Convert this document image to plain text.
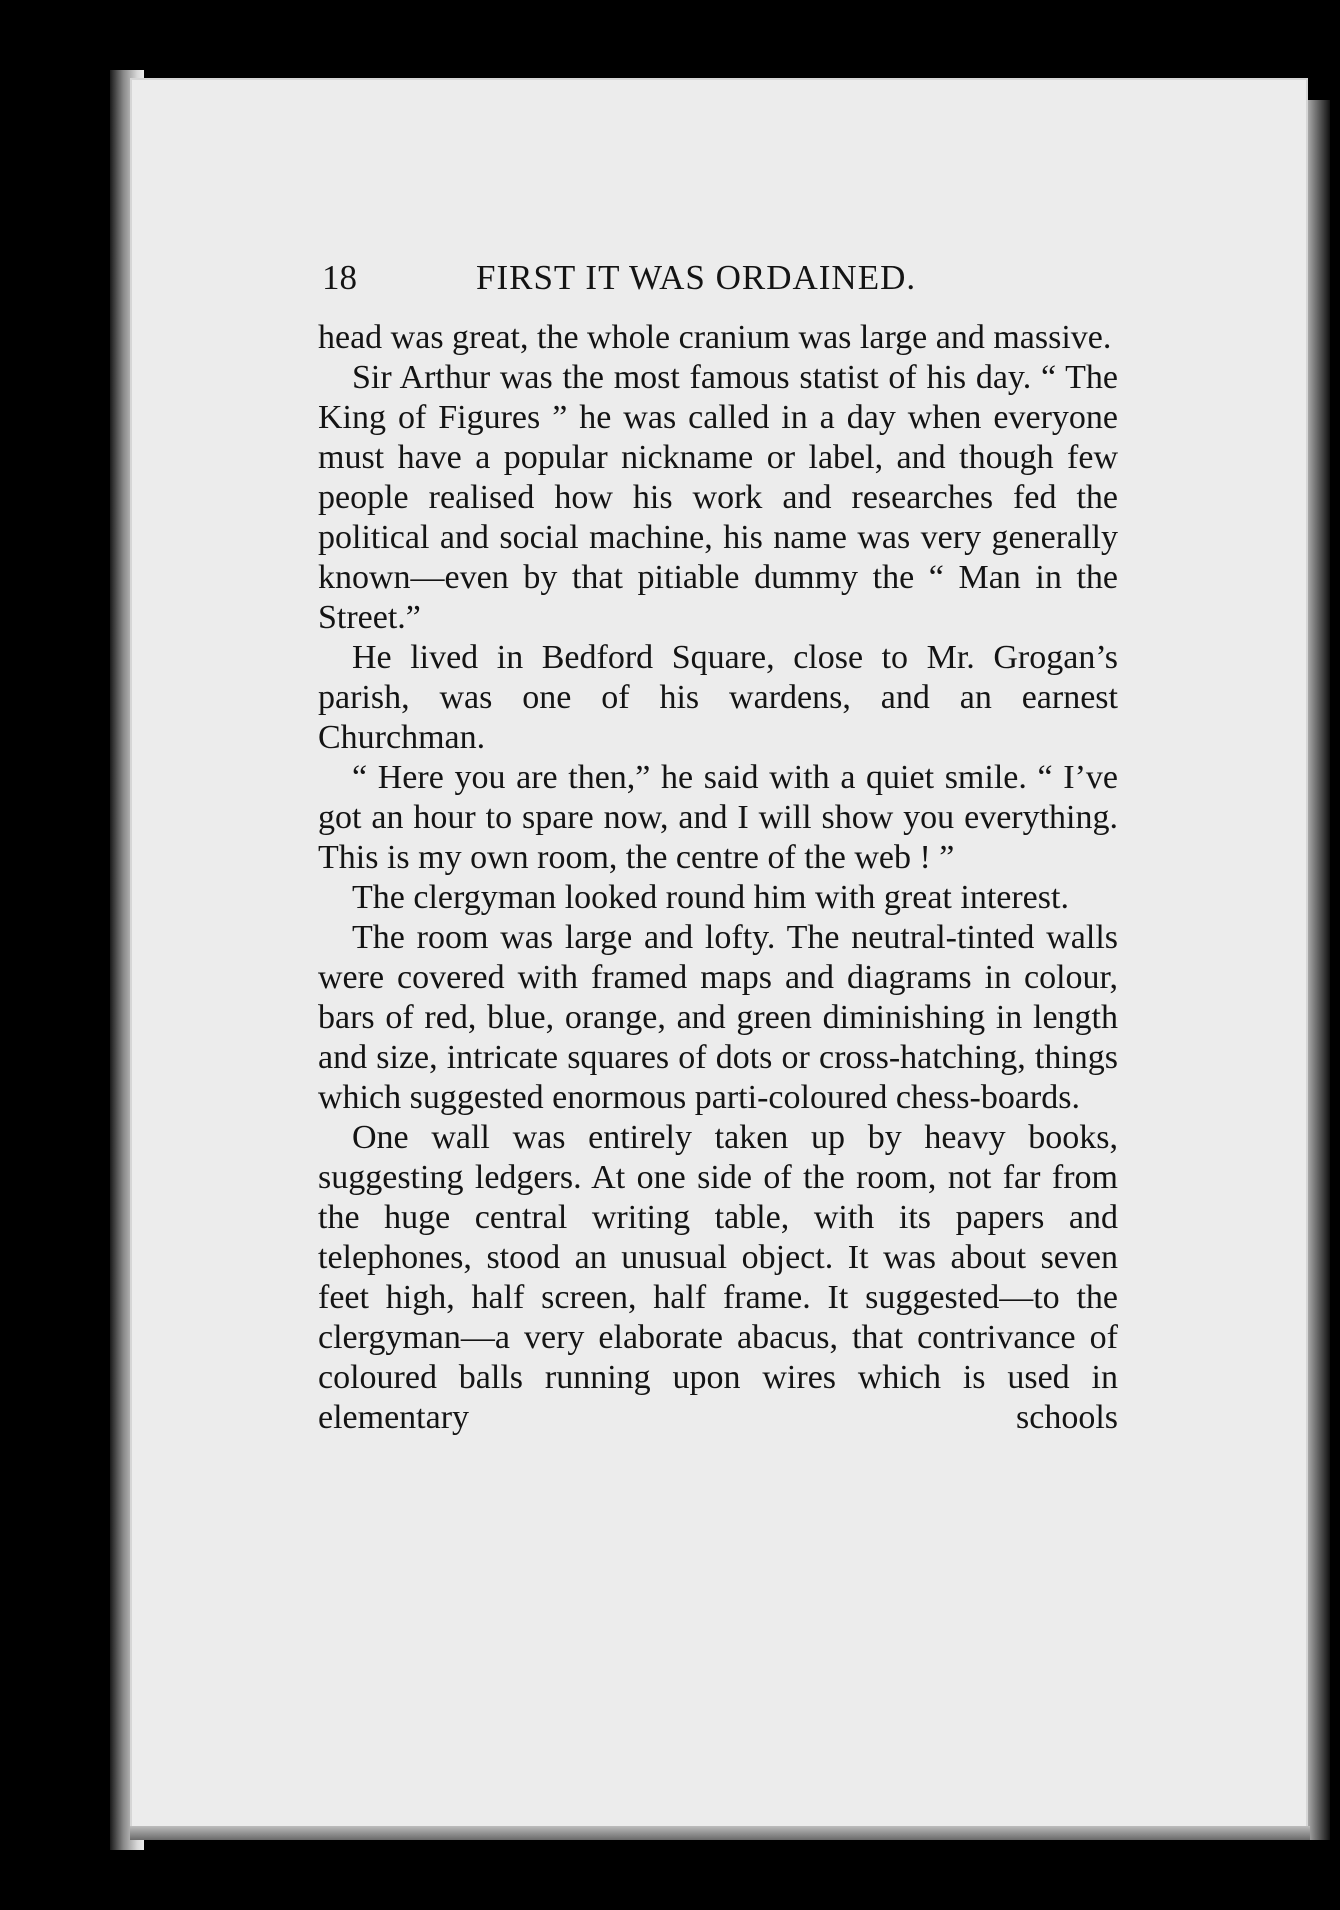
18	FIRST IT WAS ORDAINED.

head was great, the whole cranium was large and massive.

Sir Arthur was the most famous statist of his day. “ The King of Figures ” he was called in a day when everyone must have a popular nickname or label, and though few people realised how his work and researches fed the political and social machine, his name was very generally known—even by that pitiable dummy the “ Man in the Street.”

He lived in Bedford Square, close to Mr. Grogan’s parish, was one of his wardens, and an earnest Churchman.

“ Here you are then,” he said with a quiet smile. “ I’ve got an hour to spare now, and I will show you everything. This is my own room, the centre of the web ! ”

The clergyman looked round him with great interest.

The room was large and lofty. The neutral-tinted walls were covered with framed maps and diagrams in colour, bars of red, blue, orange, and green diminishing in length and size, intricate squares of dots or cross-hatching, things which suggested enormous parti-coloured chess-boards.

One wall was entirely taken up by heavy books, suggesting ledgers. At one side of the room, not far from the huge central writing table, with its papers and telephones, stood an unusual object. It was about seven feet high, half screen, half frame. It suggested—to the clergyman—a very elaborate abacus, that contrivance of coloured balls running upon wires which is used in elementary schools
